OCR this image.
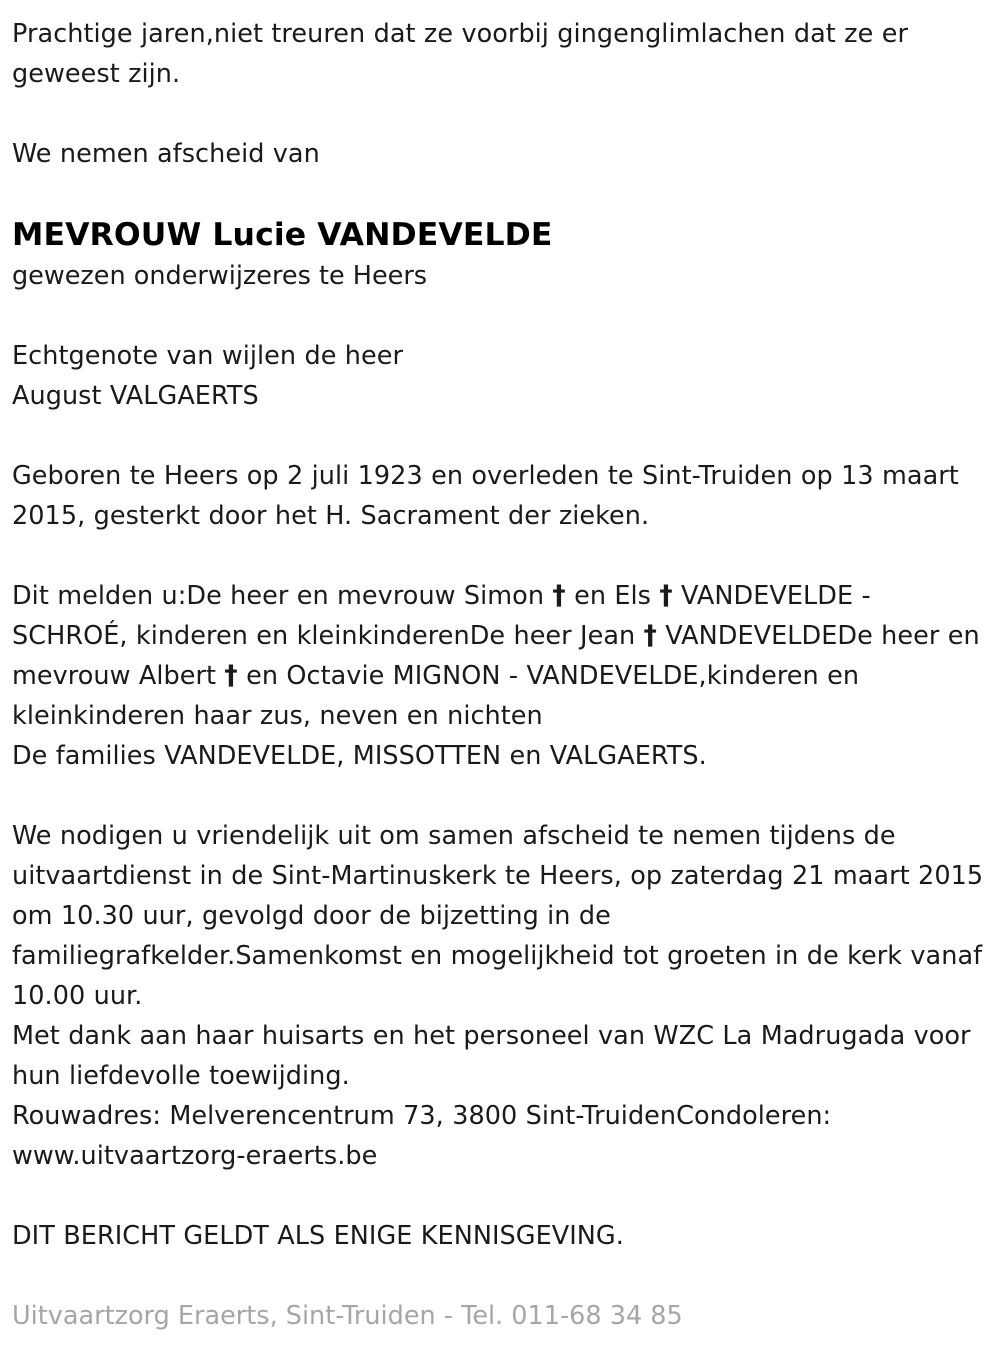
Prachtige jaren,niet treuren dat ze voorbij gingenglimlachen dat ze er geweest zijn.

We nemen afscheid van

MEVROUW Lucie VANDEVELDE

gewezen onderwijzeres te Heers

Echtgenote van wijlen de heer

August VALGAERTS

Geboren te Heers op 2 juli 1923 en overleden te Sint-Truiden op 13 maart 2015, gesterkt door het H. Sacrament der zieken.

Dit melden u:De heer en mevrouw Simon † en Els † VANDEVELDE - SCHROÉ, kinderen en kleinkinderenDe heer Jean † VANDEVELDEDe heer en mevrouw Albert † en Octavie MIGNON - VANDEVELDE,kinderen en kleinkinderen haar zus, neven en nichten

De families VANDEVELDE, MISSOTTEN en VALGAERTS.

We nodigen u vriendelijk uit om samen afscheid te nemen tijdens de uitvaartdienst in de Sint-Martinuskerk te Heers, op zaterdag 21 maart 2015 om 10.30 uur, gevolgd door de bijzetting in de familiegrafkelder.Samenkomst en mogelijkheid tot groeten in de kerk vanaf 10.00 uur.

Met dank aan haar huisarts en het personeel van WZC La Madrugada voor hun liefdevolle toewijding.

Rouwadres: Melverencentrum 73, 3800 Sint-TruidenCondoleren: www.uitvaartzorg-eraerts.be

DIT BERICHT GELDT ALS ENIGE KENNISGEVING.

Uitvaartzorg Eraerts, Sint-Truiden - Tel. 011-68 34 85
